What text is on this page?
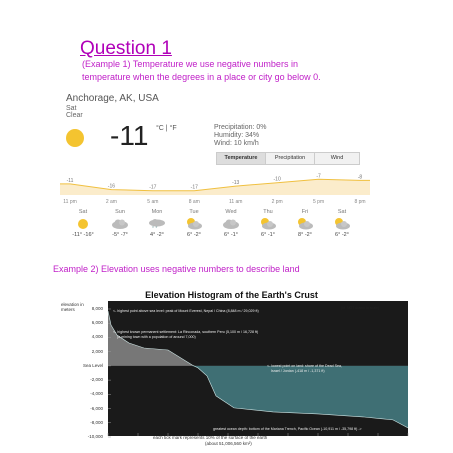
Question 1
(Example 1) Temperature we use negative numbers in
temperature when the degrees in a place or city go below 0.
Anchorage, AK, USA
Sat
Clear
-11 °C | °F	Precipitation: 0%
Humidity: 34%
Wind: 10 km/h
Temperature	Precipitation	Wind
-11
11 pm
-16
2 am
-17
5 am
-17
8 am
-13
11 am
-10
2 pm
-7
5 pm
-8
8 pm
Sat
-11° -16°
Sun
-5° -7°
Mon
* *
4° -2°
Tue
6° -2°
Wed
6° -1°
Thu
6° -1°
Fri
8° -2°
Sat
6° -2°
Example 2) Elevation uses negative numbers to describe land
Elevation Histogram of the Earth's Crust
(ht. NOT drawn to scale)
elevation in meters	8,000
6,000
4,000
2,000
Sea Level
-2,000
-4,000
-6,000
-8,000
-10,000
<- highest point above sea level: peak of Mount Everest, Nepal / China (8,848 m / 29,029 ft)
<- highest known permanent settlement: La Rinconada, southern Peru (5,100 m / 16,728 ft)
(a mining town with a population of around 7,000)
<- lowest point on land: shore of the Dead Sea,
Israel / Jordan (-418 m / -1,371 ft)
greatest ocean depth: bottom of the Mariana Trench, Pacific Ocean (-10,911 m / -35,798 ft) ->
each tick mark represents 10% of the surface of the earth
(about 51,006,560 km²)
